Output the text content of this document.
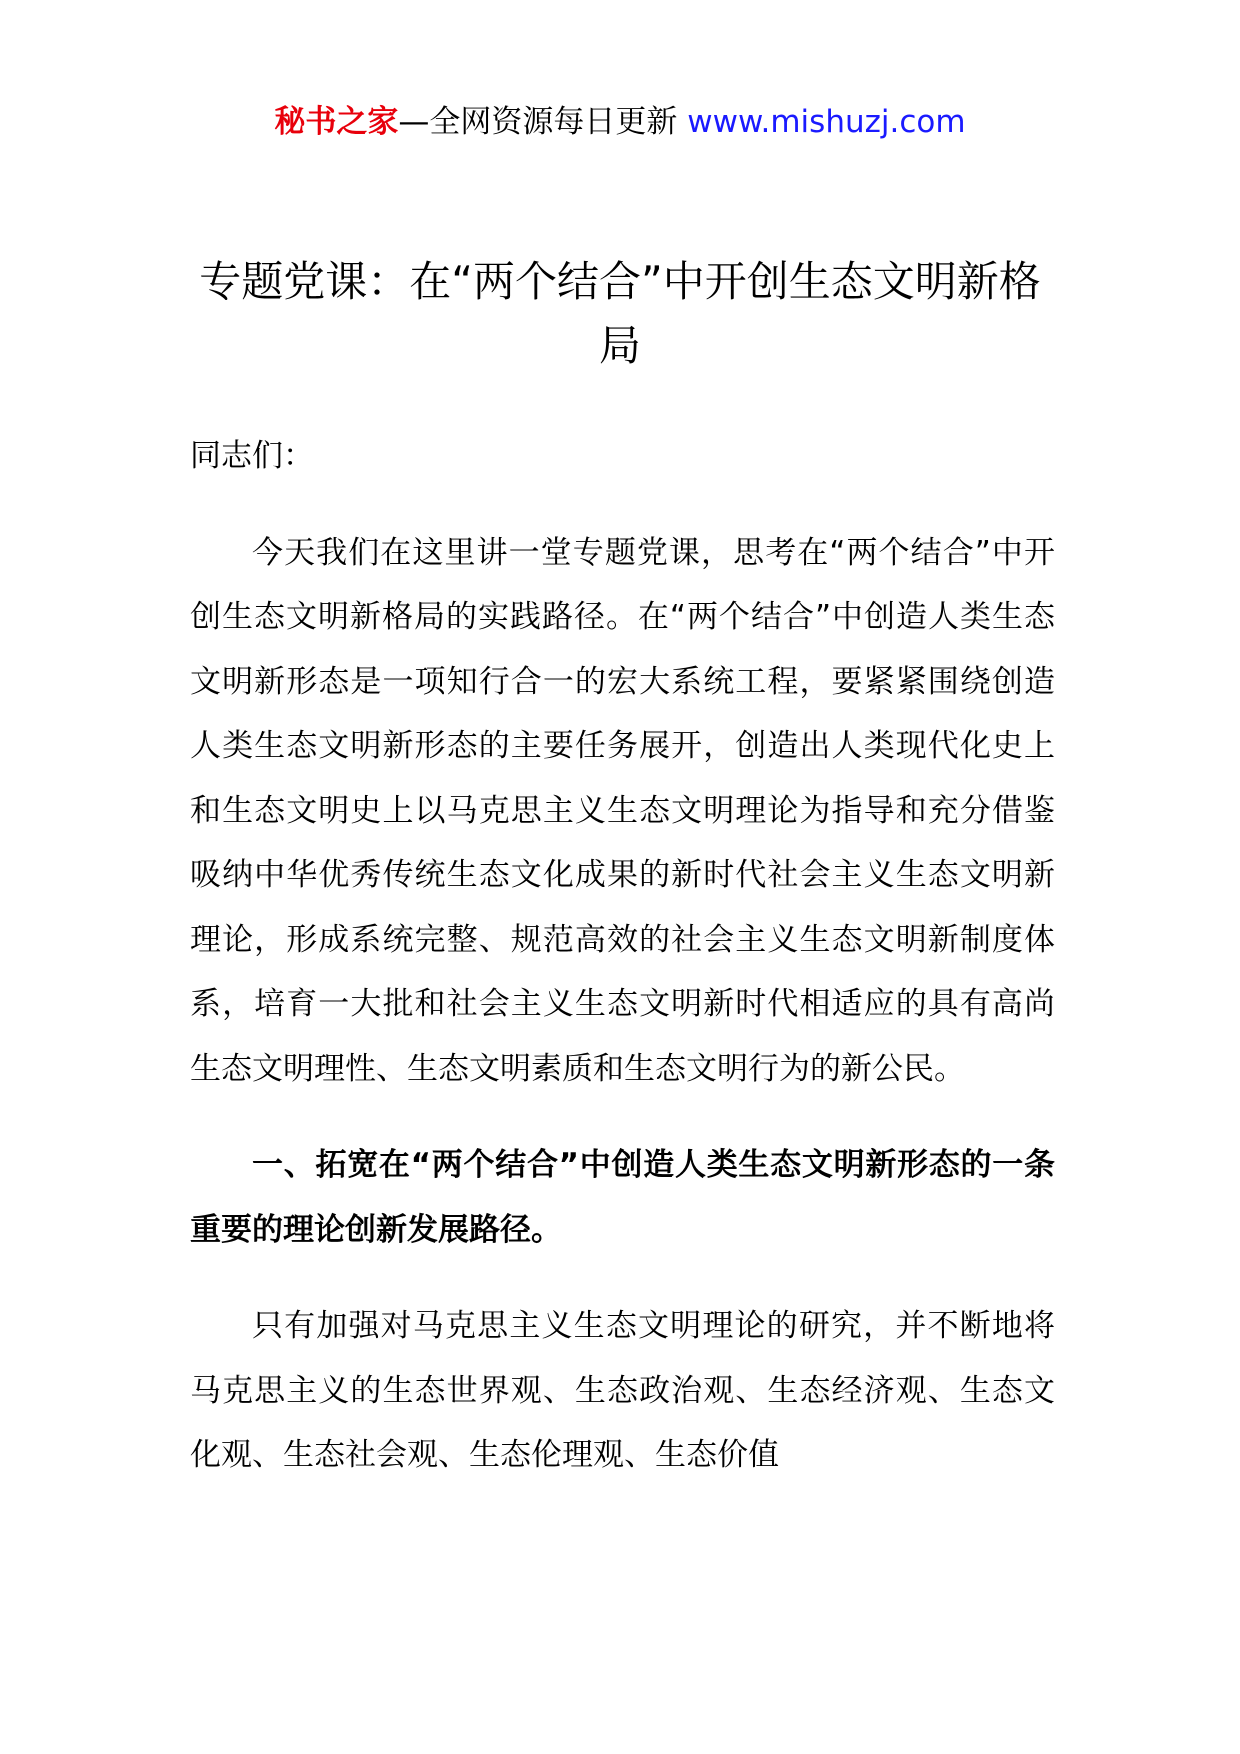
秘书之家—全网资源每日更新 www.mishuzj.com
专题党课：在“两个结合”中开创生态文明新格局

同志们：

今天我们在这里讲一堂专题党课，思考在“两个结合”中开创生态文明新格局的实践路径。在“两个结合”中创造人类生态文明新形态是一项知行合一的宏大系统工程，要紧紧围绕创造人类生态文明新形态的主要任务展开，创造出人类现代化史上和生态文明史上以马克思主义生态文明理论为指导和充分借鉴吸纳中华优秀传统生态文化成果的新时代社会主义生态文明新理论，形成系统完整、规范高效的社会主义生态文明新制度体系，培育一大批和社会主义生态文明新时代相适应的具有高尚生态文明理性、生态文明素质和生态文明行为的新公民。

一、拓宽在“两个结合”中创造人类生态文明新形态的一条重要的理论创新发展路径。

只有加强对马克思主义生态文明理论的研究，并不断地将马克思主义的生态世界观、生态政治观、生态经济观、生态文化观、生态社会观、生态伦理观、生态价值
